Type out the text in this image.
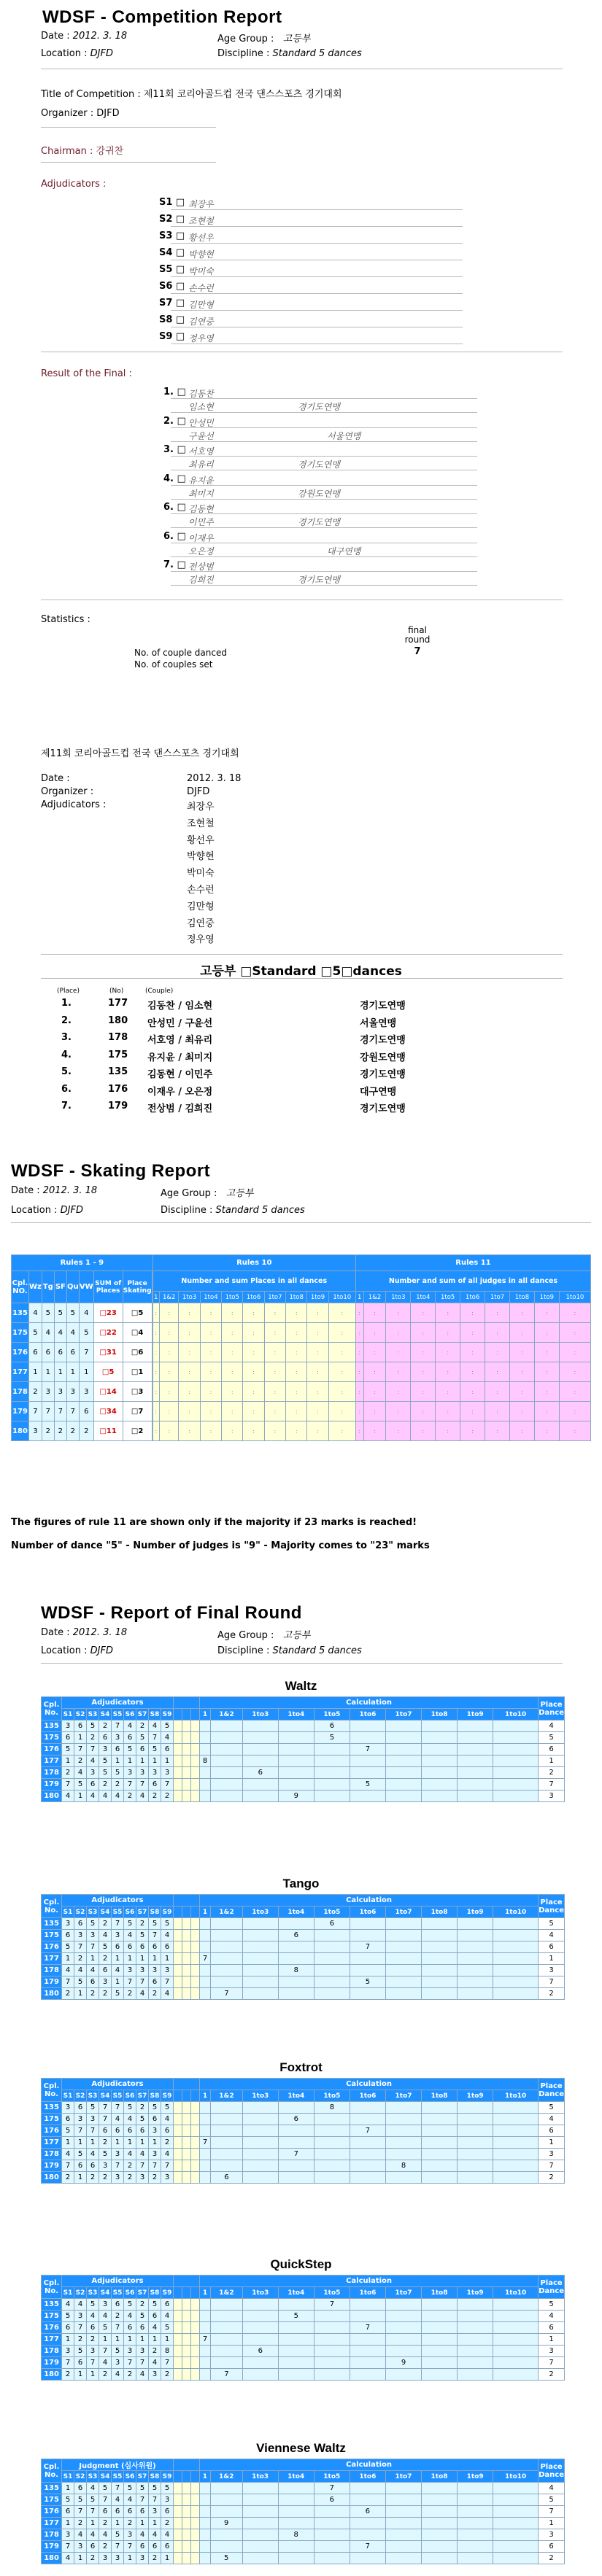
WDSF - Competition Report
Date :
2012. 3. 18	Age Group :
고등부
Location :
DJFD	Discipline :
Standard 5 dances
Title of Competition : 제11회 코리아골드컵 전국 댄스스포츠 경기대회
Organizer : DJFD
Chairman : 강귀찬
Adjudicators :
S1 □ 최장우
S2 □ 조현철
S3 □ 황선우
S4 □ 박향현
S5 □ 박미숙
S6 □ 손수런
S7 □ 김만형
S8 □ 김연중
S9 □ 정우영
Result of the Final :
1. □ 김동찬
임소현	경기도연맹
2. □ 안성민
구윤선	서울연맹
3. □ 서호영
최유리	경기도연맹
4. □ 유지윤
최미지	강원도연맹
6. □ 김동현
이민주	경기도연맹
6. □ 이재우
오은정	대구연맹
7. □ 전상범
김희진	경기도연맹
Statistics :
final round
No. of couple danced	7
No. of couples set
제11회 코리아골드컵 전국 댄스스포츠 경기대회
Date :	2012. 3. 18
Organizer :	DJFD
Adjudicators :	최장우
조현철
황선우
박향현
박미숙
손수런
김만형
김연중
정우영
고등부 □Standard □5□dances
(Place)	(No)	(Couple)
1.	177 김동찬 / 임소현	경기도연맹
2.	180 안성민 / 구윤선	서울연맹
3.	178 서호영 / 최유리	경기도연맹
4.	175 유지윤 / 최미지	강원도연맹
5.	135 김동현 / 이민주	경기도연맹
6.	176 이재우 / 오은정	대구연맹
7.	179 전상범 / 김희진	경기도연맹
WDSF - Skating Report
Date : 2012. 3. 18	Age Group : 고등부
Location : DJFD	Discipline : Standard 5 dances
Rules 1 - 9								Rules 10										Rules 11									
Cpl. NO.	Wz	Tg	SF	Qu	VW	SUM of Places	Place Skating		Number and sum Places in all dances										Number and sum of all judges in all dances									
								1	1&2	1to3	1to4	1to5	1to6	1to7	1to8	1to9	1to10	1	1&2	1to3	1to4	1to5	1to6	1to7	1to8	1to9	1to10
135	4	5	5	5	4	□23	□5		:	:	:	:	:	:	:	:	:	:	:	:	:	:	:	:	:	:	:	:
175	5	4	4	4	5	□22	□4		:	:	:	:	:	:	:	:	:	:	:	:	:	:	:	:	:	:	:	:
176	6	6	6	6	7	□31	□6		:	:	:	:	:	:	:	:	:	:	:	:	:	:	:	:	:	:	:	:
177	1	1	1	1	1	□5	□1		:	:	:	:	:	:	:	:	:	:	:	:	:	:	:	:	:	:	:	:
178	2	3	3	3	3	□14	□3		:	:	:	:	:	:	:	:	:	:	:	:	:	:	:	:	:	:	:	:
179	7	7	7	7	6	□34	□7		:	:	:	:	:	:	:	:	:	:	:	:	:	:	:	:	:	:	:	:
180	3	2	2	2	2	□11	□2		:	:	:	:	:	:	:	:	:	:	:	:	:	:	:	:	:	:	:	:
The figures of rule 11 are shown only if the majority if 23 marks is reached!
Number of dance "5" - Number of judges is "9" - Majority comes to "23" marks
WDSF - Report of Final Round
Date : 2012. 3. 18	Age Group : 고등부
Location : DJFD	Discipline : Standard 5 dances
Waltz
Cpl. No.	Adjudicators												Calculation										Place Dance
	S1	S2	S3	S4	S5	S6	S7	S8	S9				1	1&2	1to3	1to4	1to5	1to6	1to7	1to8	1to9	1to10	
135	3	6	5	2	7	4	2	4	5								6						4
175	6	1	2	6	3	6	5	7	4								5						5
176	5	7	7	3	6	5	6	5	6									7					6
177	1	2	4	5	1	1	1	1	1				8										1
178	2	4	3	5	5	3	3	3	3						6								2
179	7	5	6	2	2	7	7	6	7									5					7
180	4	1	4	4	4	2	4	2	2							9							3
Tango
Cpl. No.	Adjudicators												Calculation										Place Dance
	S1	S2	S3	S4	S5	S6	S7	S8	S9				1	1&2	1to3	1to4	1to5	1to6	1to7	1to8	1to9	1to10	
135	3	6	5	2	7	5	2	5	5								6						5
175	6	3	3	4	3	4	5	7	4							6							4
176	5	7	7	5	6	6	6	6	6									7					6
177	1	2	1	2	1	1	1	1	1				7										1
178	4	4	4	6	4	3	3	3	3							8							3
179	7	5	6	3	1	7	7	6	7									5					7
180	2	1	2	2	5	2	4	2	4					7									2
Foxtrot
Cpl. No.	Adjudicators												Calculation										Place Dance
	S1	S2	S3	S4	S5	S6	S7	S8	S9				1	1&2	1to3	1to4	1to5	1to6	1to7	1to8	1to9	1to10	
135	3	6	5	7	7	5	2	5	5								8						5
175	6	3	3	7	4	4	5	6	4							6							4
176	5	7	7	6	6	6	6	3	6									7					6
177	1	1	1	2	1	1	1	1	2				7										1
178	4	5	4	5	3	4	4	3	4							7							3
179	7	6	6	3	7	2	7	7	7										8				7
180	2	1	2	2	3	2	3	2	3					6									2
QuickStep
Cpl. No.	Adjudicators												Calculation										Place Dance
	S1	S2	S3	S4	S5	S6	S7	S8	S9				1	1&2	1to3	1to4	1to5	1to6	1to7	1to8	1to9	1to10	
135	4	4	5	3	6	5	2	5	6								7						5
175	5	3	4	4	2	4	5	6	4							5							4
176	6	7	6	5	7	6	6	4	5									7					6
177	1	2	2	1	1	1	1	1	1				7										1
178	3	5	3	7	5	3	3	2	8						6								3
179	7	6	7	4	3	7	7	4	7										9				7
180	2	1	1	2	4	2	4	3	2					7									2
Viennese Waltz
Cpl. No.	Judgment (심사위원)												Calculation										Place Dance
	S1	S2	S3	S4	S5	S6	S7	S8	S9				1	1&2	1to3	1to4	1to5	1to6	1to7	1to8	1to9	1to10	
135	1	6	4	5	7	5	5	5	5								7						4
175	5	5	5	7	4	4	7	7	3								6						5
176	6	7	7	6	6	6	6	3	6									6					7
177	1	2	1	2	1	2	1	1	2					9									1
178	3	4	4	4	5	3	4	4	4							8							3
179	7	3	6	2	7	7	6	6	6									7					6
180	4	1	2	3	3	1	3	2	1					5									2
